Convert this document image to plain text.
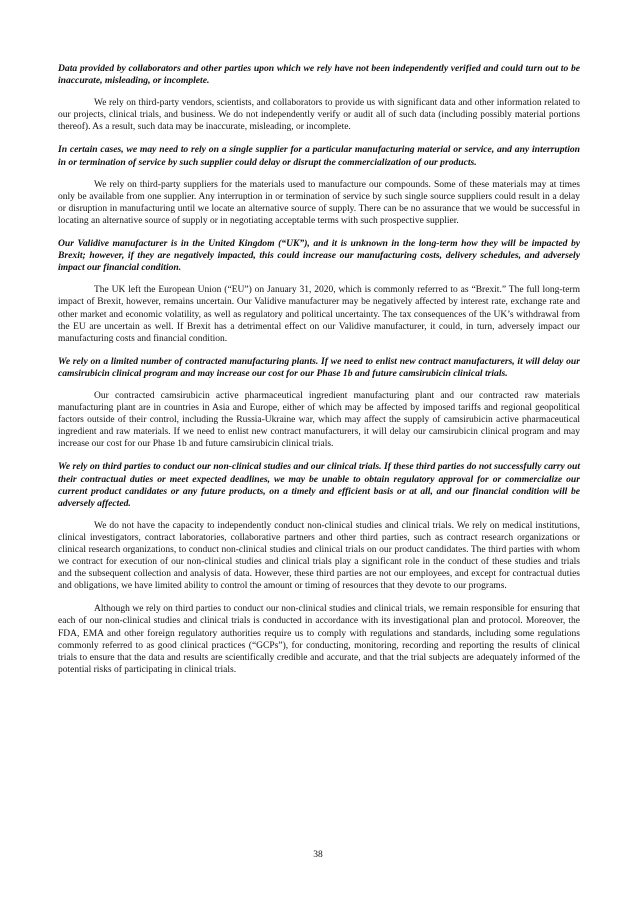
Data provided by collaborators and other parties upon which we rely have not been independently verified and could turn out to be inaccurate, misleading, or incomplete.

We rely on third-party vendors, scientists, and collaborators to provide us with significant data and other information related to our projects, clinical trials, and business. We do not independently verify or audit all of such data (including possibly material portions thereof). As a result, such data may be inaccurate, misleading, or incomplete.

In certain cases, we may need to rely on a single supplier for a particular manufacturing material or service, and any interruption in or termination of service by such supplier could delay or disrupt the commercialization of our products.

We rely on third-party suppliers for the materials used to manufacture our compounds. Some of these materials may at times only be available from one supplier. Any interruption in or termination of service by such single source suppliers could result in a delay or disruption in manufacturing until we locate an alternative source of supply. There can be no assurance that we would be successful in locating an alternative source of supply or in negotiating acceptable terms with such prospective supplier.

Our Validive manufacturer is in the United Kingdom (“UK”), and it is unknown in the long-term how they will be impacted by Brexit; however, if they are negatively impacted, this could increase our manufacturing costs, delivery schedules, and adversely impact our financial condition.

The UK left the European Union (“EU”) on January 31, 2020, which is commonly referred to as “Brexit.” The full long-term impact of Brexit, however, remains uncertain. Our Validive manufacturer may be negatively affected by interest rate, exchange rate and other market and economic volatility, as well as regulatory and political uncertainty. The tax consequences of the UK’s withdrawal from the EU are uncertain as well. If Brexit has a detrimental effect on our Validive manufacturer, it could, in turn, adversely impact our manufacturing costs and financial condition.

We rely on a limited number of contracted manufacturing plants. If we need to enlist new contract manufacturers, it will delay our camsirubicin clinical program and may increase our cost for our Phase 1b and future camsirubicin clinical trials.

Our contracted camsirubicin active pharmaceutical ingredient manufacturing plant and our contracted raw materials manufacturing plant are in countries in Asia and Europe, either of which may be affected by imposed tariffs and regional geopolitical factors outside of their control, including the Russia-Ukraine war, which may affect the supply of camsirubicin active pharmaceutical ingredient and raw materials. If we need to enlist new contract manufacturers, it will delay our camsirubicin clinical program and may increase our cost for our Phase 1b and future camsirubicin clinical trials.

We rely on third parties to conduct our non-clinical studies and our clinical trials. If these third parties do not successfully carry out their contractual duties or meet expected deadlines, we may be unable to obtain regulatory approval for or commercialize our current product candidates or any future products, on a timely and efficient basis or at all, and our financial condition will be adversely affected.

We do not have the capacity to independently conduct non-clinical studies and clinical trials. We rely on medical institutions, clinical investigators, contract laboratories, collaborative partners and other third parties, such as contract research organizations or clinical research organizations, to conduct non-clinical studies and clinical trials on our product candidates. The third parties with whom we contract for execution of our non-clinical studies and clinical trials play a significant role in the conduct of these studies and trials and the subsequent collection and analysis of data. However, these third parties are not our employees, and except for contractual duties and obligations, we have limited ability to control the amount or timing of resources that they devote to our programs.

Although we rely on third parties to conduct our non-clinical studies and clinical trials, we remain responsible for ensuring that each of our non-clinical studies and clinical trials is conducted in accordance with its investigational plan and protocol. Moreover, the FDA, EMA and other foreign regulatory authorities require us to comply with regulations and standards, including some regulations commonly referred to as good clinical practices (“GCPs”), for conducting, monitoring, recording and reporting the results of clinical trials to ensure that the data and results are scientifically credible and accurate, and that the trial subjects are adequately informed of the potential risks of participating in clinical trials.

38
